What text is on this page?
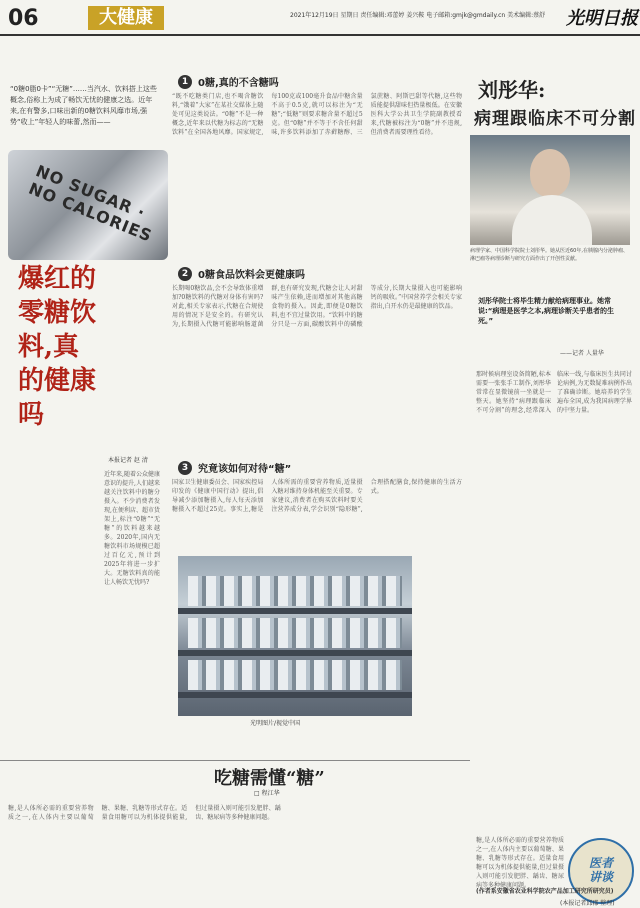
06	大健康	2021年12月19日 星期日 责任编辑:邓蕾婷 姜兴鞍 电子邮箱:gmjk@gmdaily.cn 美术编辑:蔡舒 光明日报
“0糖0脂0卡”“无糖”……当汽水、饮料搭上这些概念,俗称上为成了畅饮无忧的健康之选。近年来,在有警多,口味出新的0糖饮料风靡市场,强势“收上”年轻人的味蕾,然而——
NO SUGAR · NO CALORIES
爆红的零糖饮料,真的健康吗
本报记者 赵 清
近年来,随着公众健康意识的提升,人们越来越关注饮料中的糖分摄入。不少消费者发现,在便利店、超市货架上,标注“0糖”“无糖”的饮料越来越多。2020年,国内无糖饮料市场规模已超过百亿元,预计到2025年将进一步扩大。无糖饮料真的能让人畅饮无忧吗?
1 0糖,真的不含糖吗
“既不吃糖类门店,也不喝含糖饮料,“饿着”大家”在某社交媒体上随处可见这类说法。“0糖”不是一种概念,近年来以代糖为标志的“无糖饮料”在全国各地风靡。国家规定,每100克或100毫升食品中糖含量不高于0.5克,就可以标注为“无糖”;“低糖”则要求糖含量不超过5克。但“0糖”并不等于不含任何甜味,许多饮料添加了赤藓糖醇、三氯蔗糖、阿斯巴甜等代糖,这些物质能提供甜味但热量极低。在安徽医科大学公共卫生学院副教授看来,代糖被标注为“0糖”并不违规,但消费者需要理性看待。
2 0糖食品饮料会更健康吗
长期喝0糖饮品,会不会导致体重增加?0糖饮料的代糖对身体有害吗?对此,相关专家表示,代糖在合规使用的情况下是安全的。有研究认为,长期摄入代糖可能影响肠道菌群,也有研究发现,代糖会让人对甜味产生依赖,进而增加对其他高糖食物的摄入。因此,即便是0糖饮料,也不宜过量饮用。“饮料中的糖分只是一方面,碳酸饮料中的磷酸等成分,长期大量摄入也可能影响钙的吸收。”中国营养学会相关专家指出,白开水仍是最健康的饮品。
3 究竟该如何对待“糖”
国家卫生健康委员会、国家疾控局印发的《健康中国行动》提出,倡导减少添加糖摄入,每人每天添加糖摄入不超过25克。事实上,糖是人体所需的重要营养物质,适量摄入糖对维持身体机能至关重要。专家建议,消费者在购买饮料时要关注营养成分表,学会识别“隐形糖”,合理搭配膳食,保持健康的生活方式。
光明图片/视觉中国
刘彤华:
病理跟临床不可分割
病理学家、中国科学院院士刘彤华。她从医近60年,在胰腺内分泌肿瘤、淋巴瘤等病理诊断与研究方面作出了开创性贡献。
刘彤华院士将毕生精力献给病理事业。她常说:“病理是医学之本,病理诊断关乎患者的生死。”
——记者 人量华
那时候病理室设备简陋,标本需要一张张手工制作,刘彤华常常在显微镜前一坐就是一整天。她坚持“病理跟临床不可分割”的理念,经常深入临床一线,与临床医生共同讨论病例,为无数疑难病例作出了准确诊断。她培养的学生遍布全国,成为我国病理学界的中坚力量。
吃糖需懂“糖”
□ 程江华
糖,是人体所必需的重要营养物质之一,在人体内主要以葡萄糖、果糖、乳糖等形式存在。适量食用糖可以为机体提供能量,但过量摄入则可能引发肥胖、龋齿、糖尿病等多种健康问题。
糖,是人体所必需的重要营养物质之一,在人体内主要以葡萄糖、果糖、乳糖等形式存在。适量食用糖可以为机体提供能量,但过量摄入则可能引发肥胖、龋齿、糖尿病等多种健康问题。
医者讲谈
(作者系安徽省农业科学院农产品加工研究所研究员)
(本报记者邱郡 整理)
